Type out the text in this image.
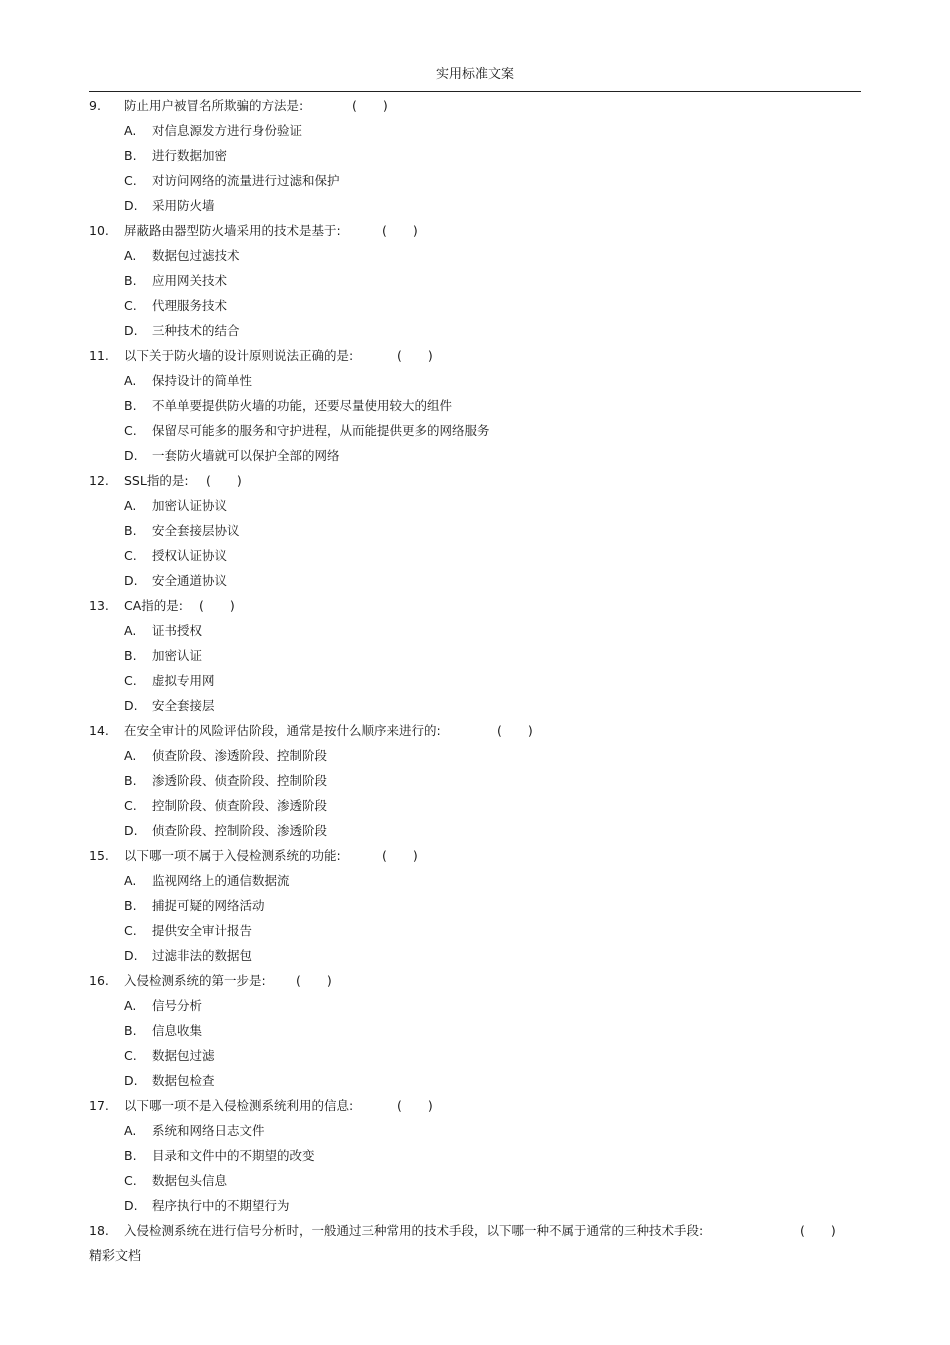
实用标准文案
9. 防止用户被冒名所欺骗的方法是:	( )
A. 对信息源发方进行身份验证
B. 进行数据加密
C. 对访问网络的流量进行过滤和保护
D. 采用防火墙
10. 屏蔽路由器型防火墙采用的技术是基于:	( )
A. 数据包过滤技术
B. 应用网关技术
C. 代理服务技术
D. 三种技术的结合
11. 以下关于防火墙的设计原则说法正确的是:	( )
A. 保持设计的简单性
B. 不单单要提供防火墙的功能，还要尽量使用较大的组件
C. 保留尽可能多的服务和守护进程，从而能提供更多的网络服务
D. 一套防火墙就可以保护全部的网络
12. SSL指的是: ( )
A. 加密认证协议
B. 安全套接层协议
C. 授权认证协议
D. 安全通道协议
13. CA指的是: ( )
A. 证书授权
B. 加密认证
C. 虚拟专用网
D. 安全套接层
14. 在安全审计的风险评估阶段，通常是按什么顺序来进行的:	( )
A. 侦查阶段、渗透阶段、控制阶段
B. 渗透阶段、侦查阶段、控制阶段
C. 控制阶段、侦查阶段、渗透阶段
D. 侦查阶段、控制阶段、渗透阶段
15. 以下哪一项不属于入侵检测系统的功能:	( )
A. 监视网络上的通信数据流
B. 捕捉可疑的网络活动
C. 提供安全审计报告
D. 过滤非法的数据包
16. 入侵检测系统的第一步是: ( )
A. 信号分析
B. 信息收集
C. 数据包过滤
D. 数据包检查
17. 以下哪一项不是入侵检测系统利用的信息:	( )
A. 系统和网络日志文件
B. 目录和文件中的不期望的改变
C. 数据包头信息
D. 程序执行中的不期望行为
18. 入侵检测系统在进行信号分析时，一般通过三种常用的技术手段，以下哪一种不属于通常的三种技术手段:	( )
精彩文档
